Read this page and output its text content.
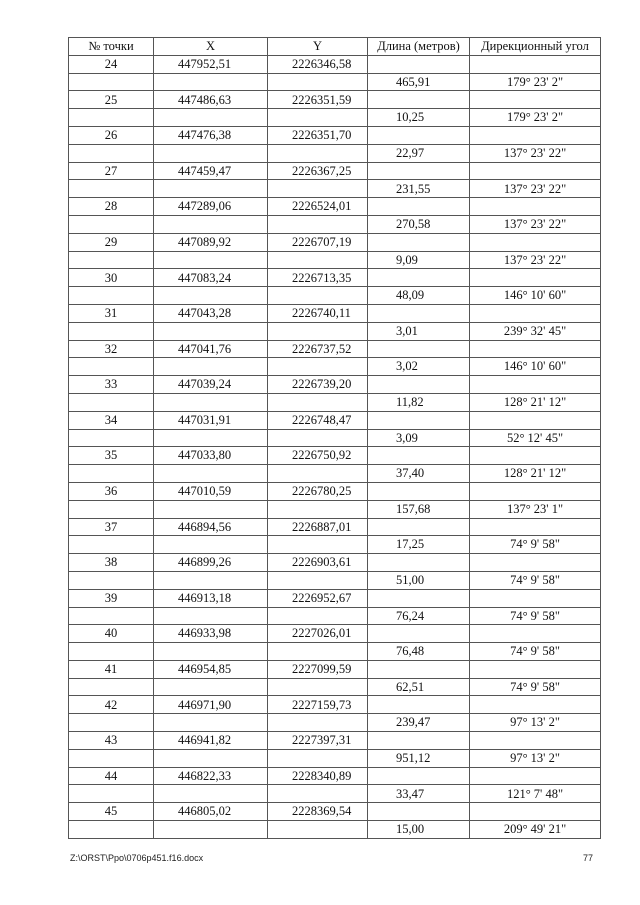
№ точки	X	Y	Длина (метров)	Дирекционный угол
24	447952,51	2226346,58		
			465,91	179° 23' 2"
25	447486,63	2226351,59		
			10,25	179° 23' 2"
26	447476,38	2226351,70		
			22,97	137° 23' 22"
27	447459,47	2226367,25		
			231,55	137° 23' 22"
28	447289,06	2226524,01		
			270,58	137° 23' 22"
29	447089,92	2226707,19		
			9,09	137° 23' 22"
30	447083,24	2226713,35		
			48,09	146° 10' 60"
31	447043,28	2226740,11		
			3,01	239° 32' 45"
32	447041,76	2226737,52		
			3,02	146° 10' 60"
33	447039,24	2226739,20		
			11,82	128° 21' 12"
34	447031,91	2226748,47		
			3,09	52° 12' 45"
35	447033,80	2226750,92		
			37,40	128° 21' 12"
36	447010,59	2226780,25		
			157,68	137° 23' 1"
37	446894,56	2226887,01		
			17,25	74° 9' 58"
38	446899,26	2226903,61		
			51,00	74° 9' 58"
39	446913,18	2226952,67		
			76,24	74° 9' 58"
40	446933,98	2227026,01		
			76,48	74° 9' 58"
41	446954,85	2227099,59		
			62,51	74° 9' 58"
42	446971,90	2227159,73		
			239,47	97° 13' 2"
43	446941,82	2227397,31		
			951,12	97° 13' 2"
44	446822,33	2228340,89		
			33,47	121° 7' 48"
45	446805,02	2228369,54		
			15,00	209° 49' 21"
Z:\ORST\Ppo\0706p451.f16.docx	77
